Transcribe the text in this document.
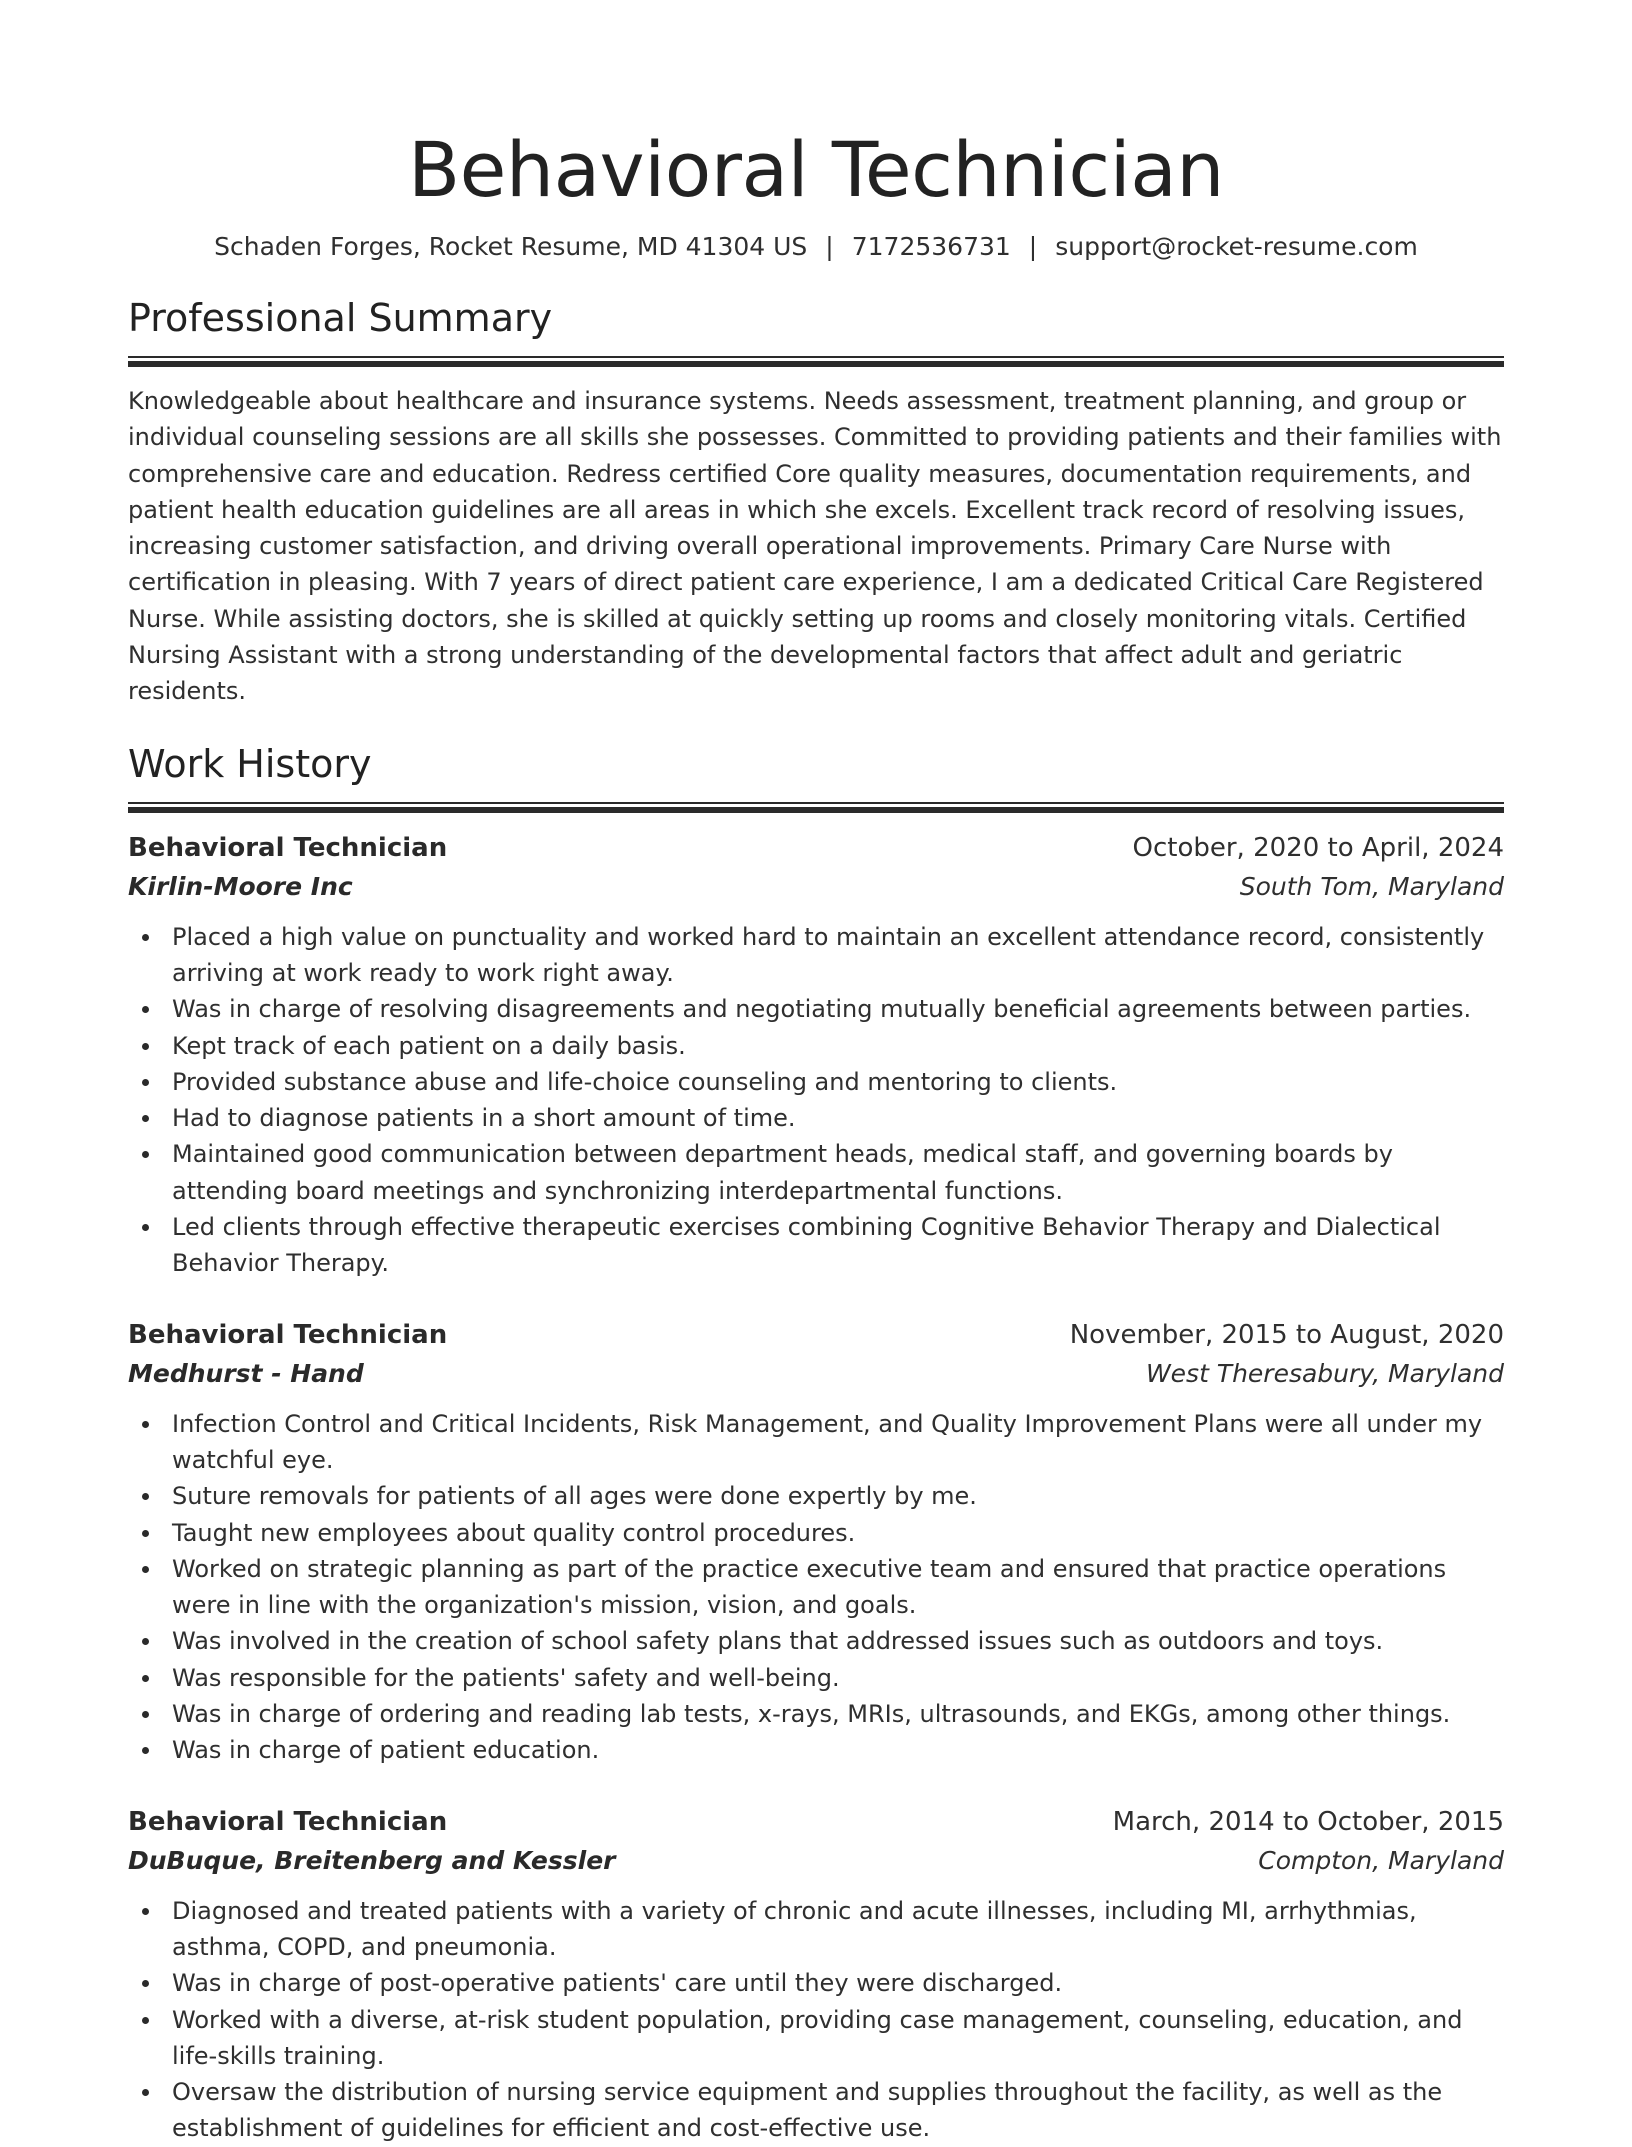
Behavioral Technician
Schaden Forges, Rocket Resume, MD 41304 US | 7172536731 | support@rocket-resume.com
Professional Summary

Knowledgeable about healthcare and insurance systems. Needs assessment, treatment planning, and group or individual counseling sessions are all skills she possesses. Committed to providing patients and their families with comprehensive care and education. Redress certified Core quality measures, documentation requirements, and patient health education guidelines are all areas in which she excels. Excellent track record of resolving issues, increasing customer satisfaction, and driving overall operational improvements. Primary Care Nurse with certification in pleasing. With 7 years of direct patient care experience, I am a dedicated Critical Care Registered Nurse. While assisting doctors, she is skilled at quickly setting up rooms and closely monitoring vitals. Certified Nursing Assistant with a strong understanding of the developmental factors that affect adult and geriatric residents.

Work History
Behavioral Technician	October, 2020 to April, 2024
Kirlin-Moore Inc	South Tom, Maryland
Placed a high value on punctuality and worked hard to maintain an excellent attendance record, consistently arriving at work ready to work right away.
Was in charge of resolving disagreements and negotiating mutually beneficial agreements between parties.
Kept track of each patient on a daily basis.
Provided substance abuse and life-choice counseling and mentoring to clients.
Had to diagnose patients in a short amount of time.
Maintained good communication between department heads, medical staff, and governing boards by attending board meetings and synchronizing interdepartmental functions.
Led clients through effective therapeutic exercises combining Cognitive Behavior Therapy and Dialectical Behavior Therapy.
Behavioral Technician	November, 2015 to August, 2020
Medhurst - Hand	West Theresabury, Maryland
Infection Control and Critical Incidents, Risk Management, and Quality Improvement Plans were all under my watchful eye.
Suture removals for patients of all ages were done expertly by me.
Taught new employees about quality control procedures.
Worked on strategic planning as part of the practice executive team and ensured that practice operations were in line with the organization's mission, vision, and goals.
Was involved in the creation of school safety plans that addressed issues such as outdoors and toys.
Was responsible for the patients' safety and well-being.
Was in charge of ordering and reading lab tests, x-rays, MRIs, ultrasounds, and EKGs, among other things.
Was in charge of patient education.
Behavioral Technician	March, 2014 to October, 2015
DuBuque, Breitenberg and Kessler	Compton, Maryland
Diagnosed and treated patients with a variety of chronic and acute illnesses, including MI, arrhythmias, asthma, COPD, and pneumonia.
Was in charge of post-operative patients' care until they were discharged.
Worked with a diverse, at-risk student population, providing case management, counseling, education, and life-skills training.
Oversaw the distribution of nursing service equipment and supplies throughout the facility, as well as the establishment of guidelines for efficient and cost-effective use.
